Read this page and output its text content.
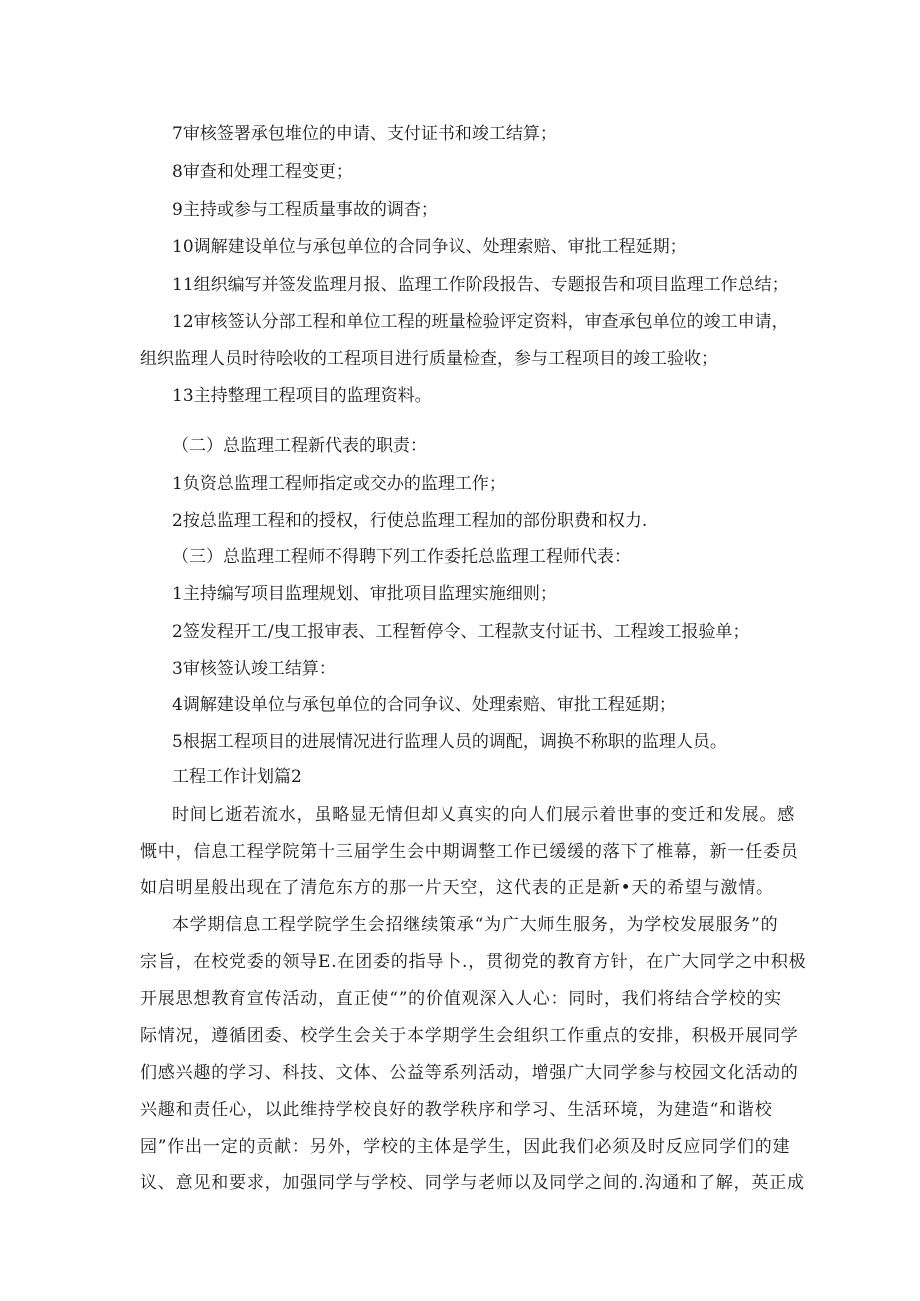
7审核签署承包堆位的申请、支付证书和竣工结算；
8审查和处理工程变更；
9主持或参与工程质量事故的调杳；
10调解建设单位与承包单位的合同争议、处理索赔、审批工程延期；
11组织编写并签发监理月报、监理工作阶段报告、专题报告和项目监理工作总结；
12审核签认分部工程和单位工程的班量检验评定资料，审查承包单位的竣工申请，
组织监理人员时待哙收的工程项目进行质量检查，参与工程项目的竣工验收；
13主持整理工程项目的监理资料。
（二）总监理工程新代表的职责：
1负资总监理工程师指定或交办的监理工作；
2按总监理工程和的授权，行使总监理工程加的部份职费和权力.
（三）总监理工程师不得聘下列工作委托总监理工程师代表：
1主持编写项目监理规划、审批项目监理实施细则；
2签发程开工/曳工报审表、工程暂停令、工程款支付证书、工程竣工报验单；
3审核签认竣工结算：
4调解建设单位与承包单位的合同争议、处理索赔、审批工程延期；
5根据工程项目的进展情况进行监理人员的调配，调换不称职的监理人员。
工程工作计划篇2
时间匕逝若流水，虽略显无情但却乂真实的向人们展示着世事的变迁和发展。感
慨中，信息工程学院第十三届学生会中期调整工作已缓缓的落下了椎幕，新一任委员
如启明星般出现在了清危东方的那一片天空，这代表的正是新•天的希望与激情。
本学期信息工程学院学生会招继续策承“为广大师生服务，为学校发展服务”的
宗旨，在校党委的领导E.在团委的指导卜.，贯彻党的教育方针，在广大同学之中积极
开展思想教育宣传活动，直正使“”的价值观深入人心：同时，我们将结合学校的实
际情况，遵循团委、校学生会关于本学期学生会组织工作重点的安排，积极开展同学
们感兴趣的学习、科技、文体、公益等系列活动，增强广大同学参与校园文化活动的
兴趣和责任心，以此维持学校良好的教学秩序和学习、生活环境，为建造“和谐校
园”作出一定的贡献：另外，学校的主体是学生，因此我们必须及时反应同学们的建
议、意见和要求，加强同学与学校、同学与老师以及同学之间的.沟通和了解，英正成
